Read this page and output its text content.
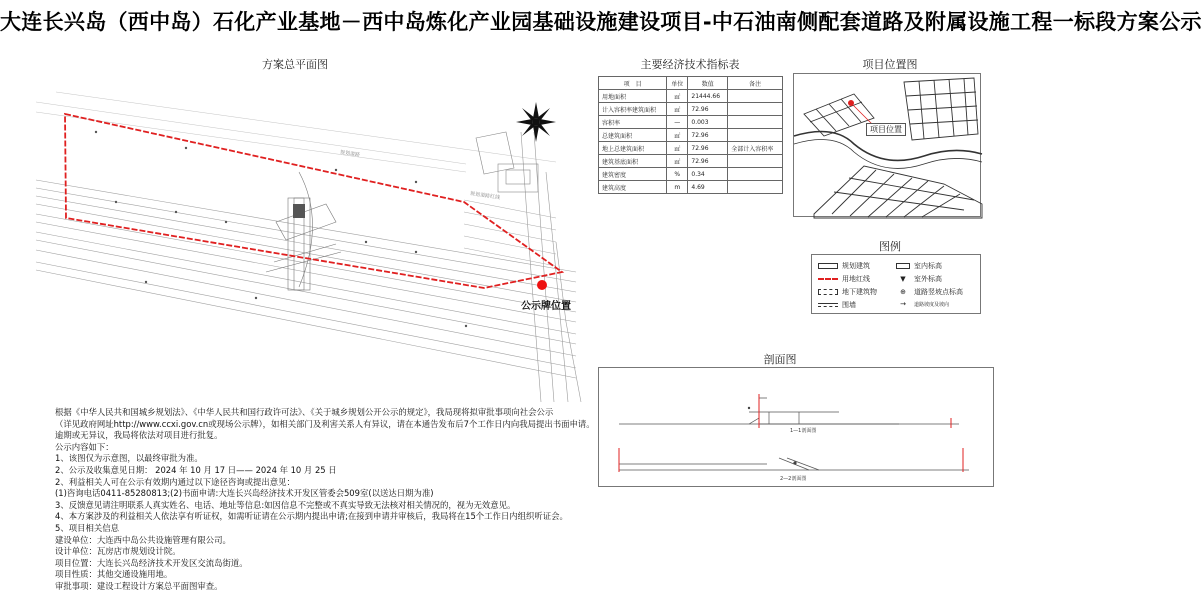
大连长兴岛（西中岛）石化产业基地－西中岛炼化产业园基础设施建设项目-中石油南侧配套道路及附属设施工程一标段方案公示
方案总平面图
公示牌位置
规划道路
规划道路红线
主要经济技术指标表
项　目	单位	数值	备注
用地面积	㎡	21444.66	
计入容积率建筑面积	㎡	72.96	
容积率	—	0.003	
总建筑面积	㎡	72.96	
地上总建筑面积	㎡	72.96	全部计入容积率
建筑基底面积	㎡	72.96	
建筑密度	%	0.34	
建筑高度	m	4.69	
项目位置图
项目位置
图例
规划建筑
用地红线
地下建筑物
围墙
室内标高
▼	室外标高
⊕	道路竖坡点标高
→	道路坡度及坡向
剖面图
1—1剖面图
2—2剖面图
根据《中华人民共和国城乡规划法》、《中华人民共和国行政许可法》、《关于城乡规划公开公示的规定》，我局现将拟审批事项向社会公示
（详见政府网址http://www.ccxi.gov.cn或现场公示牌），如相关部门及利害关系人有异议，请在本通告发布后7个工作日内向我局提出书面申请。
逾期或无异议，我局将依法对项目进行批复。
公示内容如下：
1、该图仅为示意图，以最终审批为准。
2、公示及收集意见日期： 2024 年 10 月 17 日—— 2024 年 10 月 25 日
2、利益相关人可在公示有效期内通过以下途径咨询或提出意见：
(1)咨询电话0411-85280813;(2)书面申请:大连长兴岛经济技术开发区管委会509室(以送达日期为准)
3、反馈意见请注明联系人真实姓名、电话、地址等信息:如因信息不完整或不真实导致无法核对相关情况的，视为无效意见。
4、本方案涉及的利益相关人依法享有听证权，如需听证请在公示期内提出申请;在接到申请并审核后，我局将在15个工作日内组织听证会。
5、项目相关信息
建设单位：大连西中岛公共设施管理有限公司。
设计单位：瓦房店市规划设计院。
项目位置：大连长兴岛经济技术开发区交流岛街道。
项目性质：其他交通设施用地。
审批事项：建设工程设计方案总平面图审查。
